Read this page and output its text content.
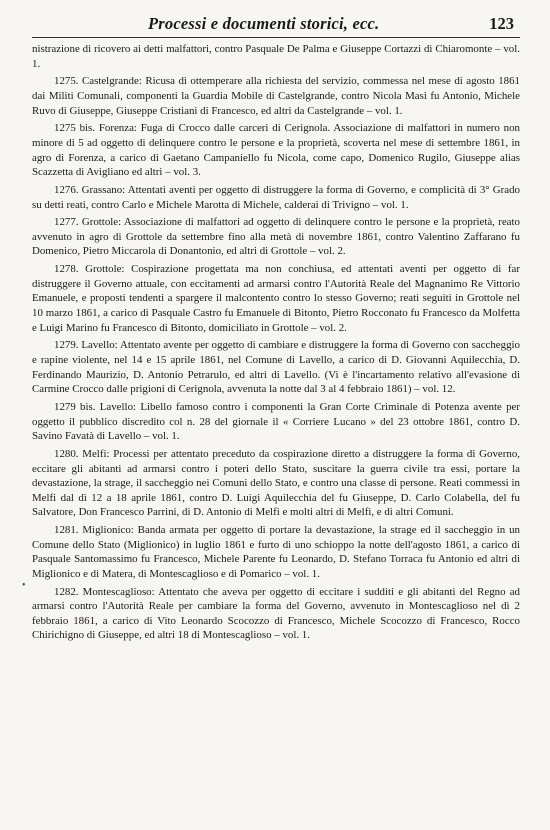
Processi e documenti storici, ecc.	123

nistrazione di ricovero ai detti malfattori, contro Pasquale De Palma e Giuseppe Cortazzi di Chiaromonte – vol. 1.

1275. Castelgrande: Ricusa di ottemperare alla richiesta del servizio, commessa nel mese di agosto 1861 dai Militi Comunali, componenti la Guardia Mobile di Castelgrande, contro Nicola Masi fu Antonio, Michele Ruvo di Giuseppe, Giuseppe Cristiani di Francesco, ed altri da Castelgrande – vol. 1.

1275 bis. Forenza: Fuga di Crocco dalle carceri di Cerignola. Associazione di malfattori in numero non minore di 5 ad oggetto di delinquere contro le persone e la proprietà, scoverta nel mese di settembre 1861, in agro di Forenza, a carico di Gaetano Campaniello fu Nicola, come capo, Domenico Rugilo, Giuseppe alias Scazzetta di Avigliano ed altri – vol. 3.

1276. Grassano: Attentati aventi per oggetto di distruggere la forma di Governo, e complicità di 3° Grado su detti reati, contro Carlo e Michele Marotta di Michele, calderai di Trivigno – vol. 1.

1277. Grottole: Associazione di malfattori ad oggetto di delinquere contro le persone e la proprietà, reato avvenuto in agro di Grottole da settembre fino alla metà di novembre 1861, contro Valentino Zaffarano fu Domenico, Pietro Miccarola di Donantonio, ed altri di Grottole – vol. 2.

1278. Grottole: Cospirazione progettata ma non conchiusa, ed attentati aventi per oggetto di far distruggere il Governo attuale, con eccitamenti ad armarsi contro l'Autorità Reale del Magnanimo Re Vittorio Emanuele, e proposti tendenti a spargere il malcontento contro lo stesso Governo; reati seguiti in Grottole nel 10 marzo 1861, a carico di Pasquale Castro fu Emanuele di Bitonto, Pietro Rocconato fu Francesco da Molfetta e Luigi Marino fu Francesco di Bitonto, domiciliato in Grottole – vol. 2.

1279. Lavello: Attentato avente per oggetto di cambiare e distruggere la forma di Governo con saccheggio e rapine violente, nel 14 e 15 aprile 1861, nel Comune di Lavello, a carico di D. Giovanni Aquilecchia, D. Ferdinando Maurizio, D. Antonio Petrarulo, ed altri di Lavello. (Vi è l'incartamento relativo all'evasione di Carmine Crocco dalle prigioni di Cerignola, avvenuta la notte dal 3 al 4 febbraio 1861) – vol. 12.

1279 bis. Lavello: Libello famoso contro i componenti la Gran Corte Criminale di Potenza avente per oggetto il pubblico discredito col n. 28 del giornale il « Corriere Lucano » del 23 ottobre 1861, contro D. Savino Favatà di Lavello – vol. 1.

1280. Melfi: Processi per attentato preceduto da cospirazione diretto a distruggere la forma di Governo, eccitare gli abitanti ad armarsi contro i poteri dello Stato, suscitare la guerra civile tra essi, portare la devastazione, la strage, il saccheggio nei Comuni dello Stato, e contro una classe di persone. Reati commessi in Melfi dal dì 12 a 18 aprile 1861, contro D. Luigi Aquilecchia del fu Giuseppe, D. Carlo Colabella, del fu Salvatore, Don Francesco Parrini, di D. Antonio di Melfi e molti altri di Melfi, e di altri Comuni.

1281. Miglionico: Banda armata per oggetto di portare la devastazione, la strage ed il saccheggio in un Comune dello Stato (Miglionico) in luglio 1861 e furto di uno schioppo la notte dell'agosto 1861, a carico di Pasquale Santomassimo fu Francesco, Michele Parente fu Leonardo, D. Stefano Torraca fu Antonio ed altri di Miglionico e di Matera, di Montescaglioso e di Pomarico – vol. 1.

1282. Montescaglioso: Attentato che aveva per oggetto di eccitare i sudditi e gli abitanti del Regno ad armarsi contro l'Autorità Reale per cambiare la forma del Governo, avvenuto in Montescaglioso nel dì 2 febbraio 1861, a carico di Vito Leonardo Scocozzo di Francesco, Michele Scocozzo di Francesco, Rocco Chirichigno di Giuseppe, ed altri 18 di Montescaglioso – vol. 1.

•
